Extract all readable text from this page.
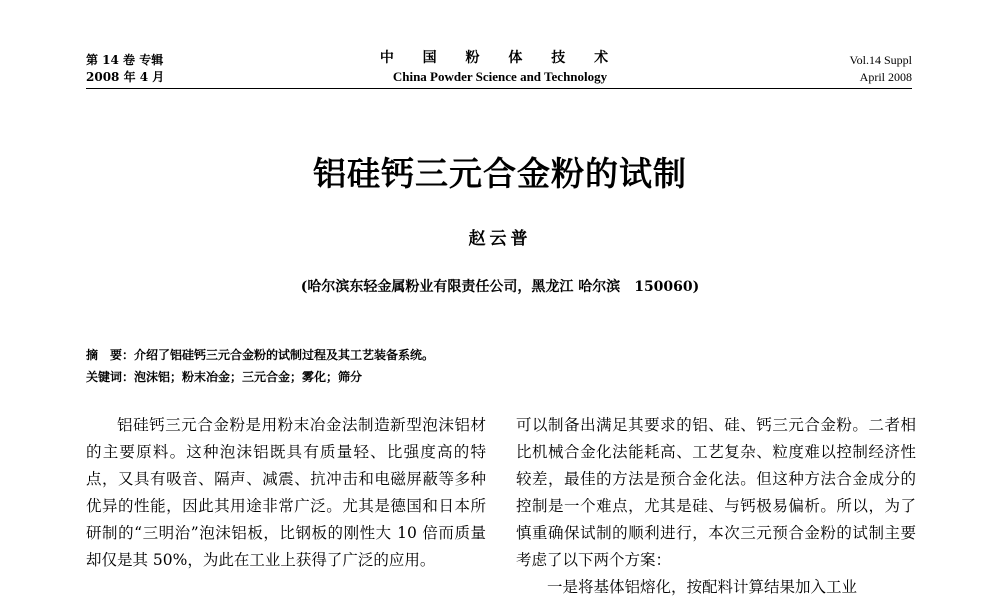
第 14 卷 专辑
2008 年 4 月
中 国 粉 体 技 术
China Powder Science and Technology
Vol.14 Suppl
April 2008
铝硅钙三元合金粉的试制
赵云普
(哈尔滨东轻金属粉业有限责任公司，黑龙江 哈尔滨　150060)
摘　要：介绍了铝硅钙三元合金粉的试制过程及其工艺装备系统。
关键词：泡沫铝；粉末冶金；三元合金；雾化；筛分

铝硅钙三元合金粉是用粉末冶金法制造新型泡沫铝材的主要原料。这种泡沫铝既具有质量轻、比强度高的特点，又具有吸音、隔声、减震、抗冲击和电磁屏蔽等多种优异的性能，因此其用途非常广泛。尤其是德国和日本所研制的“三明治”泡沫铝板，比钢板的刚性大 10 倍而质量却仅是其 50%，为此在工业上获得了广泛的应用。

可以制备出满足其要求的铝、硅、钙三元合金粉。二者相比机械合金化法能耗高、工艺复杂、粒度难以控制经济性较差，最佳的方法是预合金化法。但这种方法合金成分的控制是一个难点，尤其是硅、与钙极易偏析。所以，为了慎重确保试制的顺利进行，本次三元预合金粉的试制主要考虑了以下两个方案：

一是将基体铝熔化，按配料计算结果加入工业
